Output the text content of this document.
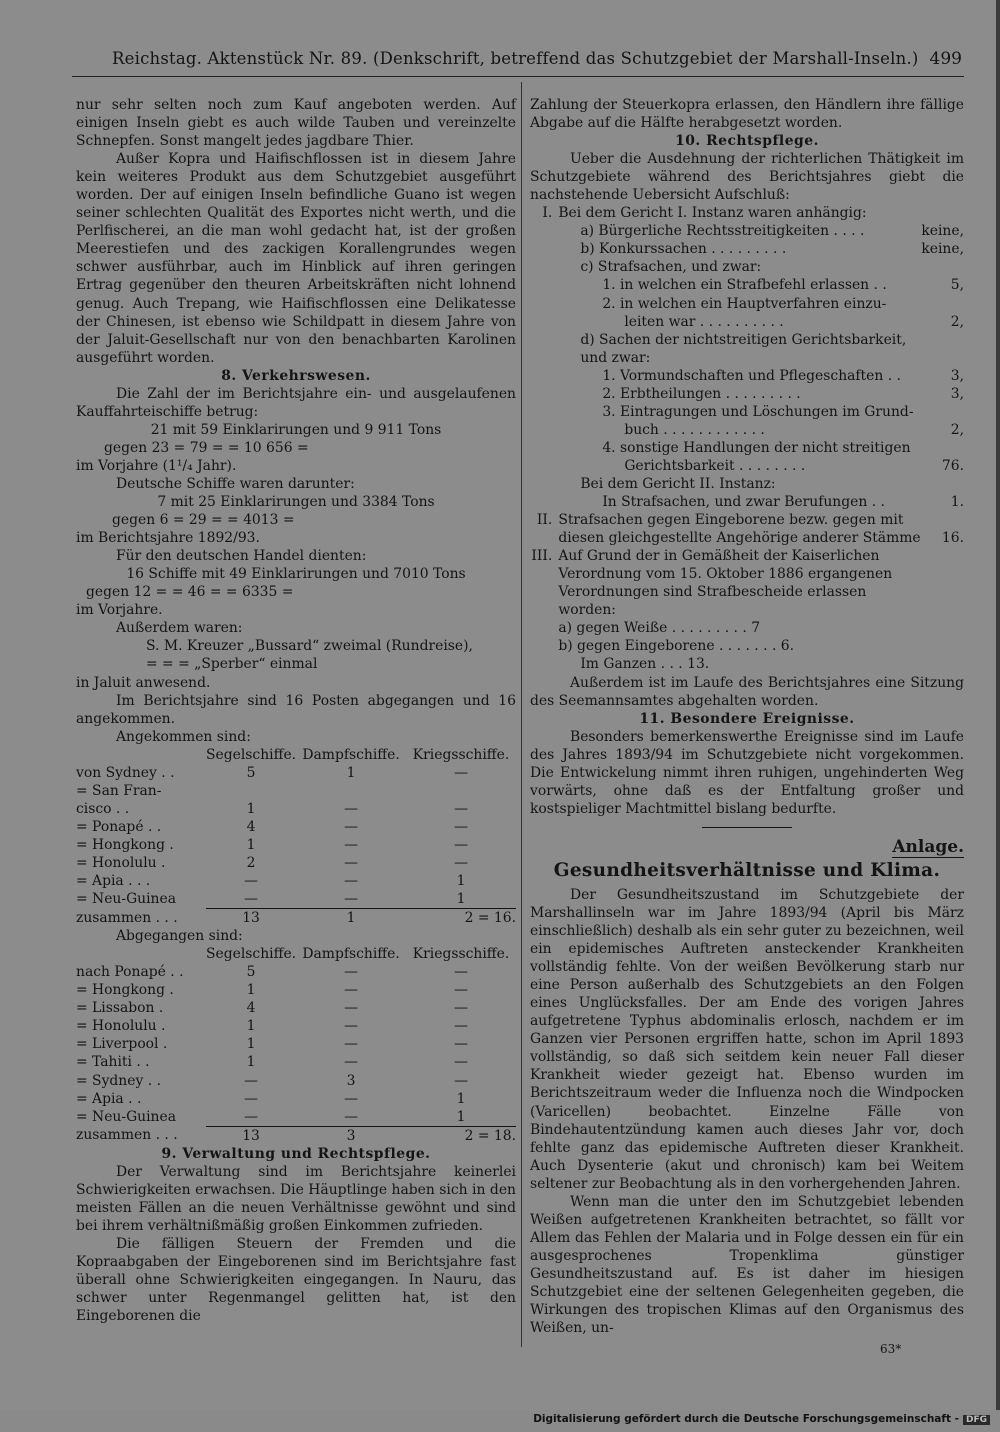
Reichstag. Aktenstück Nr. 89. (Denkschrift, betreffend das Schutzgebiet der Marshall-Inseln.) 499

nur sehr selten noch zum Kauf angeboten werden. Auf einigen Inseln giebt es auch wilde Tauben und vereinzelte Schnepfen. Sonst mangelt jedes jagdbare Thier.

Außer Kopra und Haifischflossen ist in diesem Jahre kein weiteres Produkt aus dem Schutzgebiet ausgeführt worden. Der auf einigen Inseln befindliche Guano ist wegen seiner schlechten Qualität des Exportes nicht werth, und die Perlfischerei, an die man wohl gedacht hat, ist der großen Meerestiefen und des zackigen Korallengrundes wegen schwer ausführbar, auch im Hinblick auf ihren geringen Ertrag gegenüber den theuren Arbeitskräften nicht lohnend genug. Auch Trepang, wie Haifischflossen eine Delikatesse der Chinesen, ist ebenso wie Schildpatt in diesem Jahre von der Jaluit-Gesellschaft nur von den benachbarten Karolinen ausgeführt worden.

8. Verkehrswesen.

Die Zahl der im Berichtsjahre ein- und ausgelaufenen Kauffahrteischiffe betrug:

21 mit 59 Einklarirungen und 9 911 Tons

gegen 23 = 79 = = 10 656 =

im Vorjahre (1¹/₄ Jahr).

Deutsche Schiffe waren darunter:

7 mit 25 Einklarirungen und 3384 Tons

gegen 6 = 29 = = 4013 =

im Berichtsjahre 1892/93.

Für den deutschen Handel dienten:

16 Schiffe mit 49 Einklarirungen und 7010 Tons

gegen 12 = = 46 = = 6335 =

im Vorjahre.

Außerdem waren:

S. M. Kreuzer „Bussard“ zweimal (Rundreise),

= = = „Sperber“ einmal

in Jaluit anwesend.

Im Berichtsjahre sind 16 Posten abgegangen und 16 angekommen.

Angekommen sind:

	Segelschiffe.	Dampfschiffe.	Kriegsschiffe.
von Sydney . .	5	1	—
= San Fran-			
cisco . .	1	—	—
= Ponapé . .	4	—	—
= Hongkong .	1	—	—
= Honolulu .	2	—	—
= Apia . . .	—	—	1
= Neu-Guinea	—	—	1
zusammen . . .	13	1	2 = 16.

Abgegangen sind:

	Segelschiffe.	Dampfschiffe.	Kriegsschiffe.
nach Ponapé . .	5	—	—
= Hongkong .	1	—	—
= Lissabon .	4	—	—
= Honolulu .	1	—	—
= Liverpool .	1	—	—
= Tahiti . .	1	—	—
= Sydney . .	—	3	—
= Apia . .	—	—	1
= Neu-Guinea	—	—	1
zusammen . . .	13	3	2 = 18.

9. Verwaltung und Rechtspflege.

Der Verwaltung sind im Berichtsjahre keinerlei Schwierigkeiten erwachsen. Die Häuptlinge haben sich in den meisten Fällen an die neuen Verhältnisse gewöhnt und sind bei ihrem verhältnißmäßig großen Einkommen zufrieden.

Die fälligen Steuern der Fremden und die Kopraabgaben der Eingeborenen sind im Berichtsjahre fast überall ohne Schwierigkeiten eingegangen. In Nauru, das schwer unter Regenmangel gelitten hat, ist den Eingeborenen die

Zahlung der Steuerkopra erlassen, den Händlern ihre fällige Abgabe auf die Hälfte herabgesetzt worden.

10. Rechtspflege.

Ueber die Ausdehnung der richterlichen Thätigkeit im Schutzgebiete während des Berichtsjahres giebt die nachstehende Uebersicht Aufschluß:

I.	Bei dem Gericht I. Instanz waren anhängig:	
	a) Bürgerliche Rechtsstreitigkeiten . . . .	keine,
	b) Konkurssachen . . . . . . . . .	keine,
	c) Strafsachen, und zwar:	
	1. in welchen ein Strafbefehl erlassen . .	5,
	2. in welchen ein Hauptverfahren einzu-	
	leiten war . . . . . . . . . .	2,
	d) Sachen der nichtstreitigen Gerichtsbarkeit,	
	und zwar:	
	1. Vormundschaften und Pflegeschaften . .	3,
	2. Erbtheilungen . . . . . . . . .	3,
	3. Eintragungen und Löschungen im Grund-	
	buch . . . . . . . . . . . .	2,
	4. sonstige Handlungen der nicht streitigen	
	Gerichtsbarkeit . . . . . . . .	76.
	Bei dem Gericht II. Instanz:	
	In Strafsachen, und zwar Berufungen . .	1.
II.	Strafsachen gegen Eingeborene bezw. gegen mit	
	diesen gleichgestellte Angehörige anderer Stämme	16.
III.	Auf Grund der in Gemäßheit der Kaiserlichen	
	Verordnung vom 15. Oktober 1886 ergangenen	
	Verordnungen sind Strafbescheide erlassen	
	worden:	
	a) gegen Weiße . . . . . . . . . 7	
	b) gegen Eingeborene . . . . . . . 6.	
	Im Ganzen . . . 13.	

Außerdem ist im Laufe des Berichtsjahres eine Sitzung des Seemannsamtes abgehalten worden.

11. Besondere Ereignisse.

Besonders bemerkenswerthe Ereignisse sind im Laufe des Jahres 1893/94 im Schutzgebiete nicht vorgekommen. Die Entwickelung nimmt ihren ruhigen, ungehinderten Weg vorwärts, ohne daß es der Entfaltung großer und kostspieliger Machtmittel bislang bedurfte.

Anlage.
Gesundheitsverhältnisse und Klima.

Der Gesundheitszustand im Schutzgebiete der Marshallinseln war im Jahre 1893/94 (April bis März einschließlich) deshalb als ein sehr guter zu bezeichnen, weil ein epidemisches Auftreten ansteckender Krankheiten vollständig fehlte. Von der weißen Bevölkerung starb nur eine Person außerhalb des Schutzgebiets an den Folgen eines Unglücksfalles. Der am Ende des vorigen Jahres aufgetretene Typhus abdominalis erlosch, nachdem er im Ganzen vier Personen ergriffen hatte, schon im April 1893 vollständig, so daß sich seitdem kein neuer Fall dieser Krankheit wieder gezeigt hat. Ebenso wurden im Berichtszeitraum weder die Influenza noch die Windpocken (Varicellen) beobachtet. Einzelne Fälle von Bindehautentzündung kamen auch dieses Jahr vor, doch fehlte ganz das epidemische Auftreten dieser Krankheit. Auch Dysenterie (akut und chronisch) kam bei Weitem seltener zur Beobachtung als in den vorhergehenden Jahren.

Wenn man die unter den im Schutzgebiet lebenden Weißen aufgetretenen Krankheiten betrachtet, so fällt vor Allem das Fehlen der Malaria und in Folge dessen ein für ein ausgesprochenes Tropenklima günstiger Gesundheitszustand auf. Es ist daher im hiesigen Schutzgebiet eine der seltenen Gelegenheiten gegeben, die Wirkungen des tropischen Klimas auf den Organismus des Weißen, un-

63*
Digitalisierung gefördert durch die Deutsche Forschungsgemeinschaft - DFG
